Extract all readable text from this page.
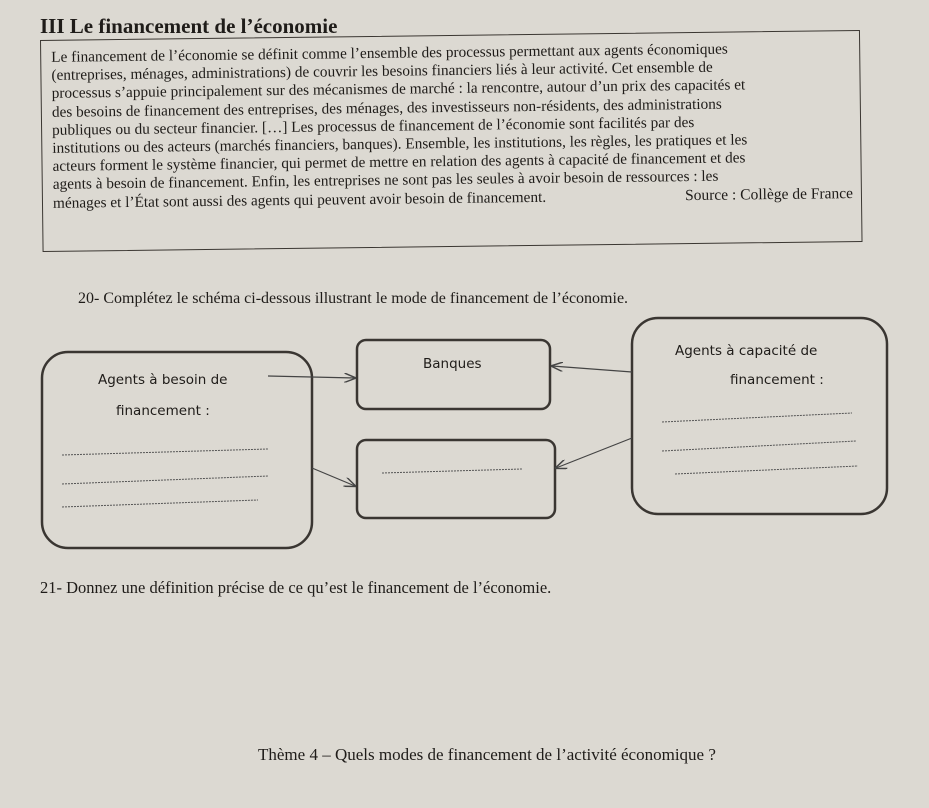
III Le financement de l’économie

Le financement de l’économie se définit comme l’ensemble des processus permettant aux agents économiques

(entreprises, ménages, administrations) de couvrir les besoins financiers liés à leur activité. Cet ensemble de

processus s’appuie principalement sur des mécanismes de marché : la rencontre, autour d’un prix des capacités et

des besoins de financement des entreprises, des ménages, des investisseurs non-résidents, des administrations

publiques ou du secteur financier. […] Les processus de financement de l’économie sont facilités par des

institutions ou des acteurs (marchés financiers, banques). Ensemble, les institutions, les règles, les pratiques et les

acteurs forment le système financier, qui permet de mettre en relation des agents à capacité de financement et des

agents à besoin de financement. Enfin, les entreprises ne sont pas les seules à avoir besoin de ressources : les

ménages et l’État sont aussi des agents qui peuvent avoir besoin de financement.	Source : Collège de France
20- Complétez le schéma ci-dessous illustrant le mode de financement de l’économie.
Agents à besoin de
financement :
Banques
Agents à capacité de
financement :
21- Donnez une définition précise de ce qu’est le financement de l’économie.
Thème 4 – Quels modes de financement de l’activité économique ?
